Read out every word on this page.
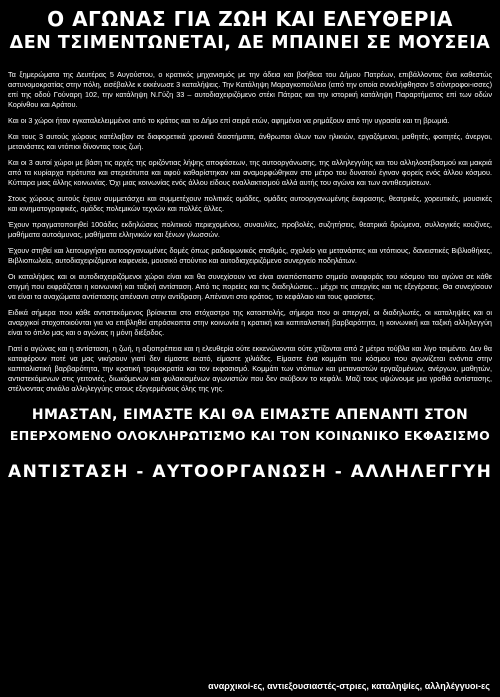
Ο ΑΓΩΝΑΣ ΓΙΑ ΖΩΗ ΚΑΙ ΕΛΕΥΘΕΡΙΑ
ΔΕΝ ΤΣΙΜΕΝΤΩΝΕΤΑΙ, ΔΕ ΜΠΑΙΝΕΙ ΣΕ ΜΟΥΣΕΙΑ

Τα ξημερώματα της Δευτέρας 5 Αυγούστου, ο κρατικός μηχανισμός με την άδεια και βοήθεια του Δήμου Πατρέων, επιβάλλοντας ένα καθεστώς αστυνομοκρατίας στην πόλη, εισέβαλλε κ εκκένωσε 3 καταλήψεις. Την Κατάληψη Μαραγκοπούλειο (από την οποία συνελήφθησαν 5 σύντροφοι-ισσες) επί της οδού Γούναρη 102, την κατάληψη Ν.Γύζη 33 – αυτοδιαχειριζόμενο στέκι Πάτρας και την ιστορική κατάληψη Παραρτήματος επί των οδών Κορίνθου και Αράτου.

Και οι 3 χώροι ήταν εγκαταλελειμμένοι από το κράτος και το Δήμο επί σειρά ετών, αφημένοι να ρημάξουν από την υγρασία και τη βρωμιά.

Και τους 3 αυτούς χώρους κατέλαβαν σε διαφορετικά χρονικά διαστήματα, άνθρωποι όλων των ηλικιών, εργαζόμενοι, μαθητές, φοιτητές, άνεργοι, μετανάστες και ντόπιοι δίνοντας τους ζωή.

Και οι 3 αυτοί χώροι με βάση τις αρχές της οριζόντιας λήψης αποφάσεων, της αυτοοργάνωσης, της αλληλεγγύης και του αλληλοσεβασμού και μακριά από τα κυρίαρχα πρότυπα και στερεότυπα και αφού καθαρίστηκαν και αναμορφώθηκαν στο μέτρο του δυνατού έγιναν φορείς ενός άλλου κόσμου. Κύτταρα μιας άλλης κοινωνίας. Όχι μιας κοινωνίας ενός άλλου είδους εναλλακτισμού αλλά αυτής του αγώνα και των αντιθεσμίσεων.

Στους χώρους αυτούς έχουν συμμετάσχει και συμμετέχουν πολιτικές ομάδες, ομάδες αυτοοργανωμένης έκφρασης, θεατρικές, χορευτικές, μουσικές και κινηματογραφικές, ομάδες πολεμικών τεχνών και πολλές άλλες.

Έχουν πραγματοποιηθεί 100άδες εκδηλώσεις πολιτικού περιεχομένου, συναυλίες, προβολές, συζητήσεις, θεατρικά δρώμενα, συλλογικές κουζίνες, μαθήματα αυτοάμυνας, μαθήματα ελληνικών και ξένων γλωσσών.

Έχουν στηθεί και λειτουργήσει αυτοοργανωμένες δομές όπως ραδιοφωνικός σταθμός, σχολείο για μετανάστες και ντόπιους, δανειστικές Βιβλιοθήκες, Βιβλιοπωλεία, αυτοδιαχειριζόμενα καφενεία, μουσικό στούντιο και αυτοδιαχειριζόμενο συνεργείο ποδηλάτων.

Οι καταλήψεις και οι αυτοδιαχειριζόμενοι χώροι είναι και θα συνεχίσουν να είναι αναπόσπαστο σημείο αναφοράς του κόσμου του αγώνα σε κάθε στιγμή που εκφράζεται η κοινωνική και ταξική αντίσταση. Από τις πορείες και τις διαδηλώσεις... μέχρι τις απεργίες και τις εξεγέρσεις. Θα συνεχίσουν να είναι τα αναχώματα αντίστασης απέναντι στην αντίδραση. Απέναντι στο κράτος, το κεφάλαιο και τους φασίστες.

Ειδικά σήμερα που κάθε αντιστεκόμενος βρίσκεται στο στόχαστρο της καταστολής, σήμερα που οι απεργοί, οι διαδηλωτές, οι καταληψίες και οι αναρχικοί στοχοποιούνται για να επιβληθεί απρόσκοπτα στην κοινωνία η κρατική και καπιταλιστική βαρβαρότητα, η κοινωνική και ταξική αλληλεγγύη είναι το όπλο μας και ο αγώνας η μόνη διέξοδος.

Γιατί ο αγώνας και η αντίσταση, η ζωή, η αξιοπρέπεια και η ελευθερία ούτε εκκενώνονται ούτε χτίζονται από 2 μέτρα τούβλα και λίγο τσιμέντο. Δεν θα καταφέρουν ποτέ να μας νικήσουν γιατί δεν είμαστε εκατό, είμαστε χιλιάδες. Είμαστε ένα κομμάτι του κόσμου που αγωνίζεται ενάντια στην καπιταλιστική βαρβαρότητα, την κρατική τρομοκρατία και τον εκφασισμό. Κομμάτι των ντόπιων και μεταναστών εργαζομένων, ανέργων, μαθητών, αντιστεκόμενων στις γειτονιές, διωκόμενων και φυλακισμένων αγωνιστών που δεν σκύβουν το κεφάλι. Μαζί τους υψώνουμε μια γροθιά αντίστασης, στέλνοντας σινιάλο αλληλεγγύης στους εξεγερμένους όλης της γης.

ΗΜΑΣΤΑΝ, ΕΙΜΑΣΤΕ ΚΑΙ ΘΑ ΕΙΜΑΣΤΕ ΑΠΕΝΑΝΤΙ ΣΤΟΝ
ΕΠΕΡΧΟΜΕΝΟ ΟΛΟΚΛΗΡΩΤΙΣΜΟ ΚΑΙ ΤΟΝ ΚΟΙΝΩΝΙΚΟ ΕΚΦΑΣΙΣΜΟ
ΑΝΤΙΣΤΑΣΗ - ΑΥΤΟΟΡΓΑΝΩΣΗ - ΑΛΛΗΛΕΓΓΥΗ
αναρχικοί-ες, αντιεξουσιαστές-στριες, καταληψίες, αλληλέγγυοι-ες
